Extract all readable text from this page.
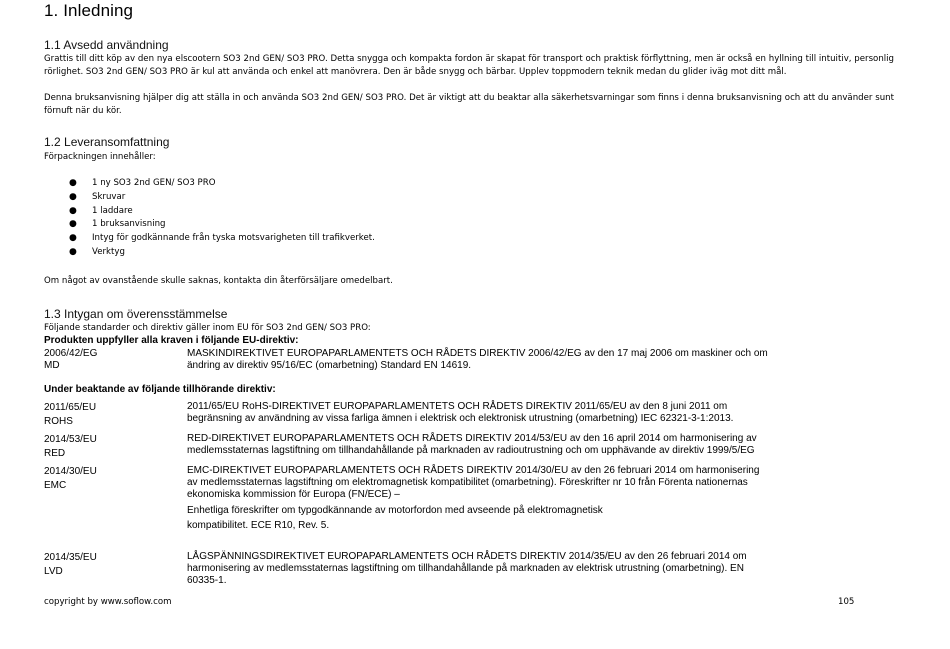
1. Inledning
1.1 Avsedd användning

Grattis till ditt köp av den nya elscootern SO3 2nd GEN/ SO3 PRO. Detta snygga och kompakta fordon är skapat för transport och praktisk förflyttning, men är också en hyllning till intuitiv, personlig rörlighet. SO3 2nd GEN/ SO3 PRO är kul att använda och enkel att manövrera. Den är både snygg och bärbar. Upplev toppmodern teknik medan du glider iväg mot ditt mål.

Denna bruksanvisning hjälper dig att ställa in och använda SO3 2nd GEN/ SO3 PRO. Det är viktigt att du beaktar alla säkerhetsvarningar som finns i denna bruksanvisning och att du använder sunt förnuft när du kör.

1.2 Leveransomfattning

Förpackningen innehåller:

● 1 ny SO3 2nd GEN/ SO3 PRO
● Skruvar
● 1 laddare
● 1 bruksanvisning
● Intyg för godkännande från tyska motsvarigheten till trafikverket.
● Verktyg

Om något av ovanstående skulle saknas, kontakta din återförsäljare omedelbart.

1.3 Intygan om överensstämmelse

Följande standarder och direktiv gäller inom EU för SO3 2nd GEN/ SO3 PRO:

Produkten uppfyller alla kraven i följande EU-direktiv:
2006/42/EG
MD
MASKINDIREKTIVET EUROPAPARLAMENTETS OCH RÅDETS DIREKTIV 2006/42/EG av den 17 maj 2006 om maskiner och om
ändring av direktiv 95/16/EC (omarbetning) Standard EN 14619.
Under beaktande av följande tillhörande direktiv:
2011/65/EU
ROHS
2011/65/EU RoHS-DIREKTIVET EUROPAPARLAMENTETS OCH RÅDETS DIREKTIV 2011/65/EU av den 8 juni 2011 om
begränsning av användning av vissa farliga ämnen i elektrisk och elektronisk utrustning (omarbetning) IEC 62321-3-1:2013.
2014/53/EU
RED
RED-DIREKTIVET EUROPAPARLAMENTETS OCH RÅDETS DIREKTIV 2014/53/EU av den 16 april 2014 om harmonisering av
medlemsstaternas lagstiftning om tillhandahållande på marknaden av radioutrustning och om upphävande av direktiv 1999/5/EG
2014/30/EU
EMC
EMC-DIREKTIVET EUROPAPARLAMENTETS OCH RÅDETS DIREKTIV 2014/30/EU av den 26 februari 2014 om harmonisering
av medlemsstaternas lagstiftning om elektromagnetisk kompatibilitet (omarbetning). Föreskrifter nr 10 från Förenta nationernas
ekonomiska kommission för Europa (FN/ECE) –
Enhetliga föreskrifter om typgodkännande av motorfordon med avseende på elektromagnetisk
kompatibilitet. ECE R10, Rev. 5.
2014/35/EU
LVD
LÅGSPÄNNINGSDIREKTIVET EUROPAPARLAMENTETS OCH RÅDETS DIREKTIV 2014/35/EU av den 26 februari 2014 om
harmonisering av medlemsstaternas lagstiftning om tillhandahållande på marknaden av elektrisk utrustning (omarbetning). EN
60335-1.
copyright by www.soflow.com	105
